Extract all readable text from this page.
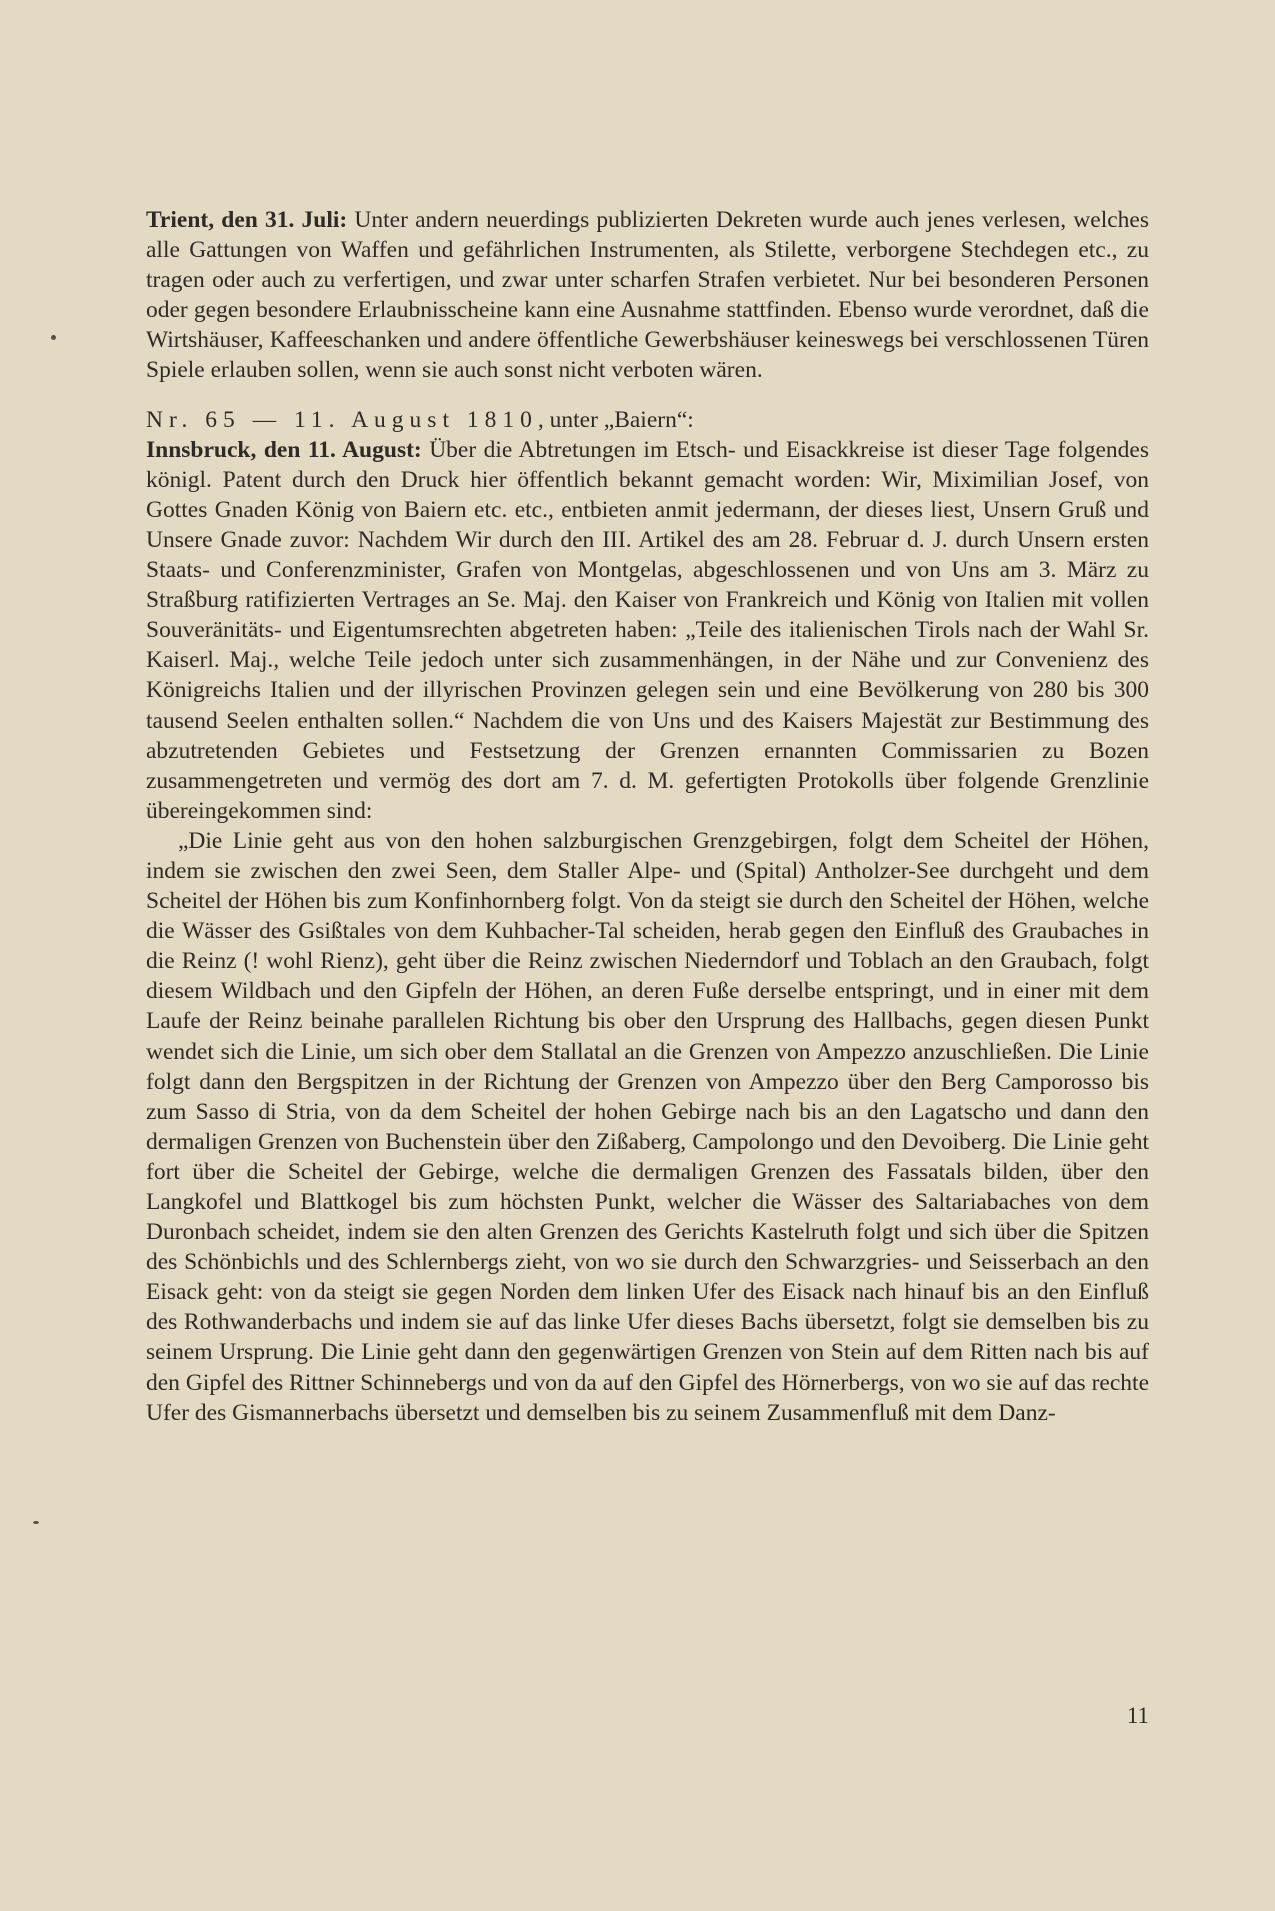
Trient, den 31. Juli: Unter andern neuerdings publizierten Dekreten wurde auch jenes verlesen, welches alle Gattungen von Waffen und gefährlichen Instrumenten, als Stilette, verborgene Stechdegen etc., zu tragen oder auch zu verfertigen, und zwar unter scharfen Strafen verbietet. Nur bei besonderen Personen oder gegen besondere Erlaubnisscheine kann eine Ausnahme stattfinden. Ebenso wurde verordnet, daß die Wirtshäuser, Kaffeeschanken und andere öffentliche Gewerbshäuser keineswegs bei verschlossenen Türen Spiele erlauben sollen, wenn sie auch sonst nicht verboten wären.

Nr. 65 — 11. August 1810, unter „Baiern“:

Innsbruck, den 11. August: Über die Abtretungen im Etsch- und Eisackkreise ist dieser Tage folgendes königl. Patent durch den Druck hier öffentlich bekannt gemacht worden: Wir, Miximilian Josef, von Gottes Gnaden König von Baiern etc. etc., entbieten anmit jedermann, der dieses liest, Unsern Gruß und Unsere Gnade zuvor: Nachdem Wir durch den III. Artikel des am 28. Februar d. J. durch Unsern ersten Staats- und Conferenzminister, Grafen von Montgelas, abgeschlossenen und von Uns am 3. März zu Straßburg ratifizierten Vertrages an Se. Maj. den Kaiser von Frankreich und König von Italien mit vollen Souveränitäts- und Eigentumsrechten abgetreten haben: „Teile des italienischen Tirols nach der Wahl Sr. Kaiserl. Maj., welche Teile jedoch unter sich zusammenhängen, in der Nähe und zur Convenienz des Königreichs Italien und der illyrischen Provinzen gelegen sein und eine Bevölkerung von 280 bis 300 tausend Seelen enthalten sollen.“ Nachdem die von Uns und des Kaisers Majestät zur Bestimmung des abzutretenden Gebietes und Festsetzung der Grenzen ernannten Commissarien zu Bozen zusammengetreten und vermög des dort am 7. d. M. gefertigten Protokolls über folgende Grenzlinie übereingekommen sind:

„Die Linie geht aus von den hohen salzburgischen Grenzgebirgen, folgt dem Scheitel der Höhen, indem sie zwischen den zwei Seen, dem Staller Alpe- und (Spital) Antholzer-See durchgeht und dem Scheitel der Höhen bis zum Konfinhornberg folgt. Von da steigt sie durch den Scheitel der Höhen, welche die Wässer des Gsißtales von dem Kuhbacher-Tal scheiden, herab gegen den Einfluß des Graubaches in die Reinz (! wohl Rienz), geht über die Reinz zwischen Niederndorf und Toblach an den Graubach, folgt diesem Wildbach und den Gipfeln der Höhen, an deren Fuße derselbe entspringt, und in einer mit dem Laufe der Reinz beinahe parallelen Richtung bis ober den Ursprung des Hallbachs, gegen diesen Punkt wendet sich die Linie, um sich ober dem Stallatal an die Grenzen von Ampezzo anzuschließen. Die Linie folgt dann den Bergspitzen in der Richtung der Grenzen von Ampezzo über den Berg Camporosso bis zum Sasso di Stria, von da dem Scheitel der hohen Gebirge nach bis an den Lagatscho und dann den dermaligen Grenzen von Buchenstein über den Zißaberg, Campolongo und den Devoiberg. Die Linie geht fort über die Scheitel der Gebirge, welche die dermaligen Grenzen des Fassatals bilden, über den Langkofel und Blattkogel bis zum höchsten Punkt, welcher die Wässer des Saltariabaches von dem Duronbach scheidet, indem sie den alten Grenzen des Gerichts Kastelruth folgt und sich über die Spitzen des Schönbichls und des Schlernbergs zieht, von wo sie durch den Schwarzgries- und Seisserbach an den Eisack geht: von da steigt sie gegen Norden dem linken Ufer des Eisack nach hinauf bis an den Einfluß des Rothwanderbachs und indem sie auf das linke Ufer dieses Bachs übersetzt, folgt sie demselben bis zu seinem Ursprung. Die Linie geht dann den gegenwärtigen Grenzen von Stein auf dem Ritten nach bis auf den Gipfel des Rittner Schinnebergs und von da auf den Gipfel des Hörnerbergs, von wo sie auf das rechte Ufer des Gismannerbachs übersetzt und demselben bis zu seinem Zusammenfluß mit dem Danz-

11
